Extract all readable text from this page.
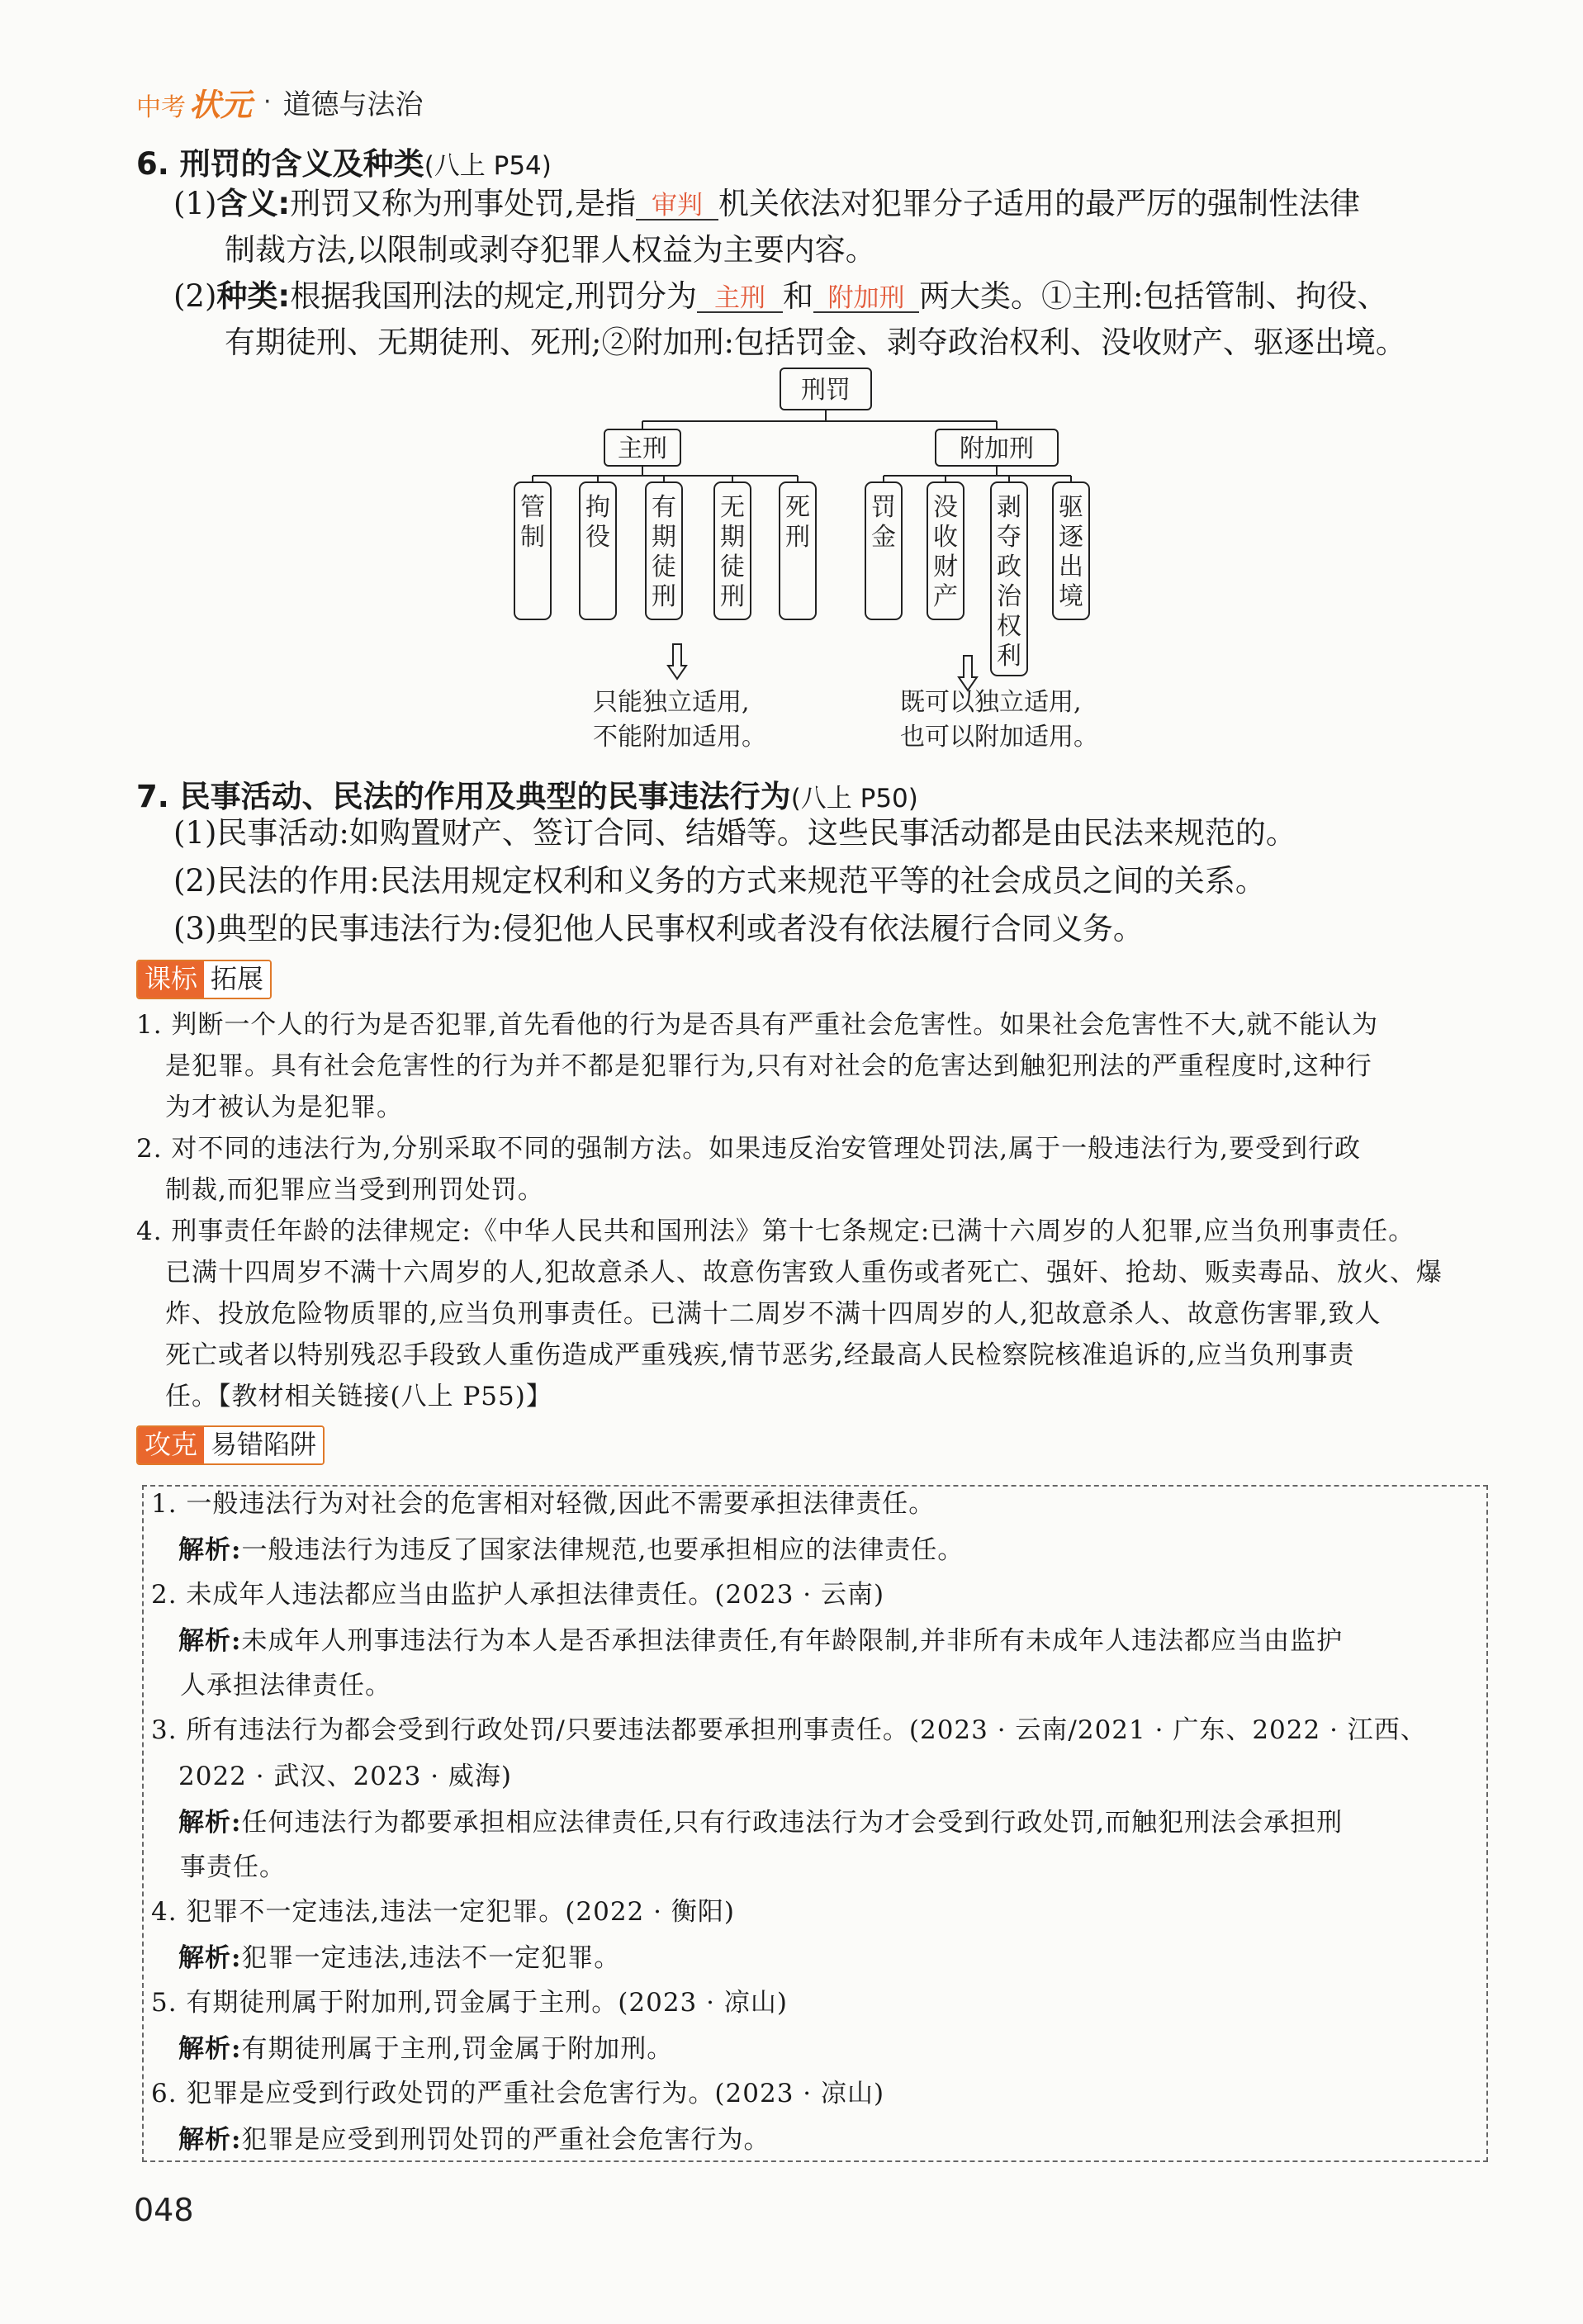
中考 状元 · 道德与法治
6. 刑罚的含义及种类(八上 P54)
(1)含义:刑罚又称为刑事处罚,是指 审判 机关依法对犯罪分子适用的最严厉的强制性法律
制裁方法,以限制或剥夺犯罪人权益为主要内容。
(2)种类:根据我国刑法的规定,刑罚分为 主刑 和 附加刑 两大类。①主刑:包括管制、拘役、
有期徒刑、无期徒刑、死刑;②附加刑:包括罚金、剥夺政治权利、没收财产、驱逐出境。
刑罚
主刑	附加刑
管制
拘役
有期徒刑
无期徒刑
死刑
罚金
没收财产
剥夺政治权利
驱逐出境
只能独立适用,
不能附加适用。
既可以独立适用,
也可以附加适用。
7. 民事活动、民法的作用及典型的民事违法行为(八上 P50)
(1)民事活动:如购置财产、签订合同、结婚等。这些民事活动都是由民法来规范的。
(2)民法的作用:民法用规定权利和义务的方式来规范平等的社会成员之间的关系。
(3)典型的民事违法行为:侵犯他人民事权利或者没有依法履行合同义务。
课标 拓展
1. 判断一个人的行为是否犯罪,首先看他的行为是否具有严重社会危害性。如果社会危害性不大,就不能认为
是犯罪。具有社会危害性的行为并不都是犯罪行为,只有对社会的危害达到触犯刑法的严重程度时,这种行
为才被认为是犯罪。
2. 对不同的违法行为,分别采取不同的强制方法。如果违反治安管理处罚法,属于一般违法行为,要受到行政
制裁,而犯罪应当受到刑罚处罚。
4. 刑事责任年龄的法律规定:《中华人民共和国刑法》第十七条规定:已满十六周岁的人犯罪,应当负刑事责任。
已满十四周岁不满十六周岁的人,犯故意杀人、故意伤害致人重伤或者死亡、强奸、抢劫、贩卖毒品、放火、爆
炸、投放危险物质罪的,应当负刑事责任。已满十二周岁不满十四周岁的人,犯故意杀人、故意伤害罪,致人
死亡或者以特别残忍手段致人重伤造成严重残疾,情节恶劣,经最高人民检察院核准追诉的,应当负刑事责
任。【教材相关链接(八上 P55)】
攻克 易错陷阱
1. 一般违法行为对社会的危害相对轻微,因此不需要承担法律责任。
解析:一般违法行为违反了国家法律规范,也要承担相应的法律责任。
2. 未成年人违法都应当由监护人承担法律责任。(2023 · 云南)
解析:未成年人刑事违法行为本人是否承担法律责任,有年龄限制,并非所有未成年人违法都应当由监护
人承担法律责任。
3. 所有违法行为都会受到行政处罚/只要违法都要承担刑事责任。(2023 · 云南/2021 · 广东、2022 · 江西、
2022 · 武汉、2023 · 威海)
解析:任何违法行为都要承担相应法律责任,只有行政违法行为才会受到行政处罚,而触犯刑法会承担刑
事责任。
4. 犯罪不一定违法,违法一定犯罪。(2022 · 衡阳)
解析:犯罪一定违法,违法不一定犯罪。
5. 有期徒刑属于附加刑,罚金属于主刑。(2023 · 凉山)
解析:有期徒刑属于主刑,罚金属于附加刑。
6. 犯罪是应受到行政处罚的严重社会危害行为。(2023 · 凉山)
解析:犯罪是应受到刑罚处罚的严重社会危害行为。
048
